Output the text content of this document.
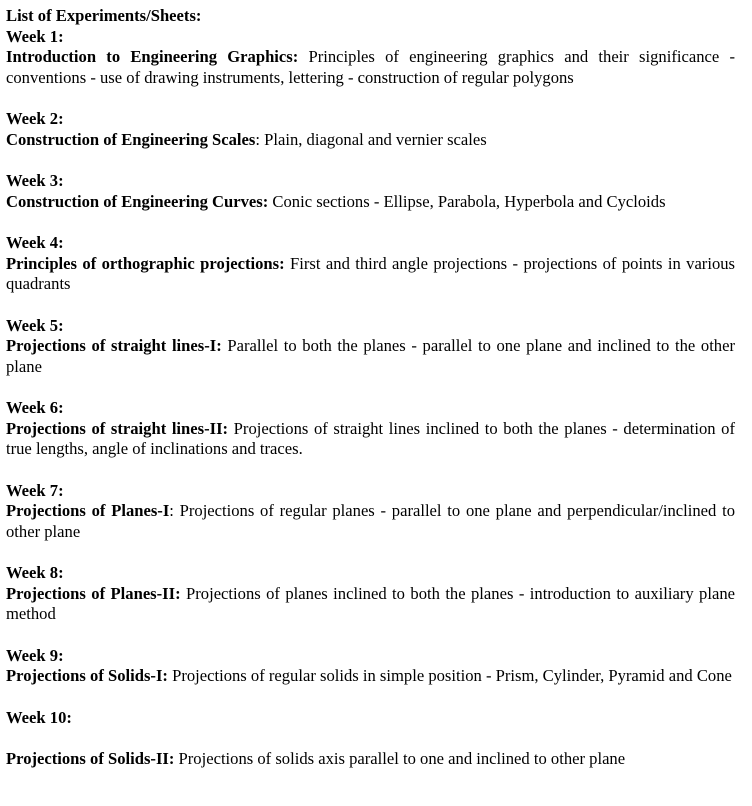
List of Experiments/Sheets:

Week 1:

Introduction to Engineering Graphics: Principles of engineering graphics and their significance - conventions - use of drawing instruments, lettering - construction of regular polygons

Week 2:

Construction of Engineering Scales: Plain, diagonal and vernier scales

Week 3:

Construction of Engineering Curves: Conic sections - Ellipse, Parabola, Hyperbola and Cycloids

Week 4:

Principles of orthographic projections: First and third angle projections - projections of points in various quadrants

Week 5:

Projections of straight lines-I: Parallel to both the planes - parallel to one plane and inclined to the other plane

Week 6:

Projections of straight lines-II: Projections of straight lines inclined to both the planes - determination of true lengths, angle of inclinations and traces.

Week 7:

Projections of Planes-I: Projections of regular planes - parallel to one plane and perpendicular/inclined to other plane

Week 8:

Projections of Planes-II: Projections of planes inclined to both the planes - introduction to auxiliary plane method

Week 9:

Projections of Solids-I: Projections of regular solids in simple position - Prism, Cylinder, Pyramid and Cone

Week 10:

Projections of Solids-II: Projections of solids axis parallel to one and inclined to other plane
